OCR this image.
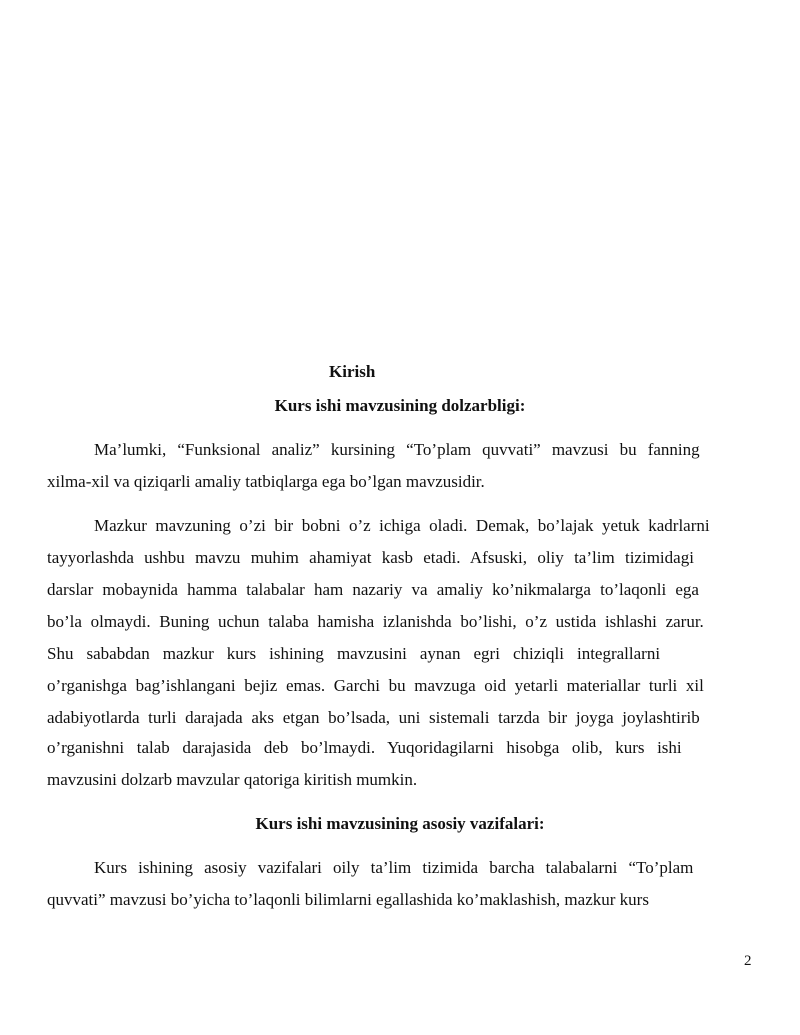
Kirish

Kurs ishi mavzusining dolzarbligi:

Ma’lumki, “Funksional analiz” kursining “To’plam quvvati” mavzusi bu fanning

xilma-xil va qiziqarli amaliy tatbiqlarga ega bo’lgan mavzusidir.

Mazkur mavzuning o’zi bir bobni o’z ichiga oladi. Demak, bo’lajak yetuk kadrlarni

tayyorlashda ushbu mavzu muhim ahamiyat kasb etadi. Afsuski, oliy ta’lim tizimidagi

darslar mobaynida hamma talabalar ham nazariy va amaliy ko’nikmalarga to’laqonli ega

bo’la olmaydi. Buning uchun talaba hamisha izlanishda bo’lishi, o’z ustida ishlashi zarur.

Shu sababdan mazkur kurs ishining mavzusini aynan egri chiziqli integrallarni

o’rganishga bag’ishlangani bejiz emas. Garchi bu mavzuga oid yetarli materiallar turli xil

adabiyotlarda turli darajada aks etgan bo’lsada, uni sistemali tarzda bir joyga joylashtirib

o’rganishni talab darajasida deb bo’lmaydi. Yuqoridagilarni hisobga olib, kurs ishi

mavzusini dolzarb mavzular qatoriga kiritish mumkin.

Kurs ishi mavzusining asosiy vazifalari:

Kurs ishining asosiy vazifalari oily ta’lim tizimida barcha talabalarni “To’plam

quvvati” mavzusi bo’yicha to’laqonli bilimlarni egallashida ko’maklashish, mazkur kurs

2
